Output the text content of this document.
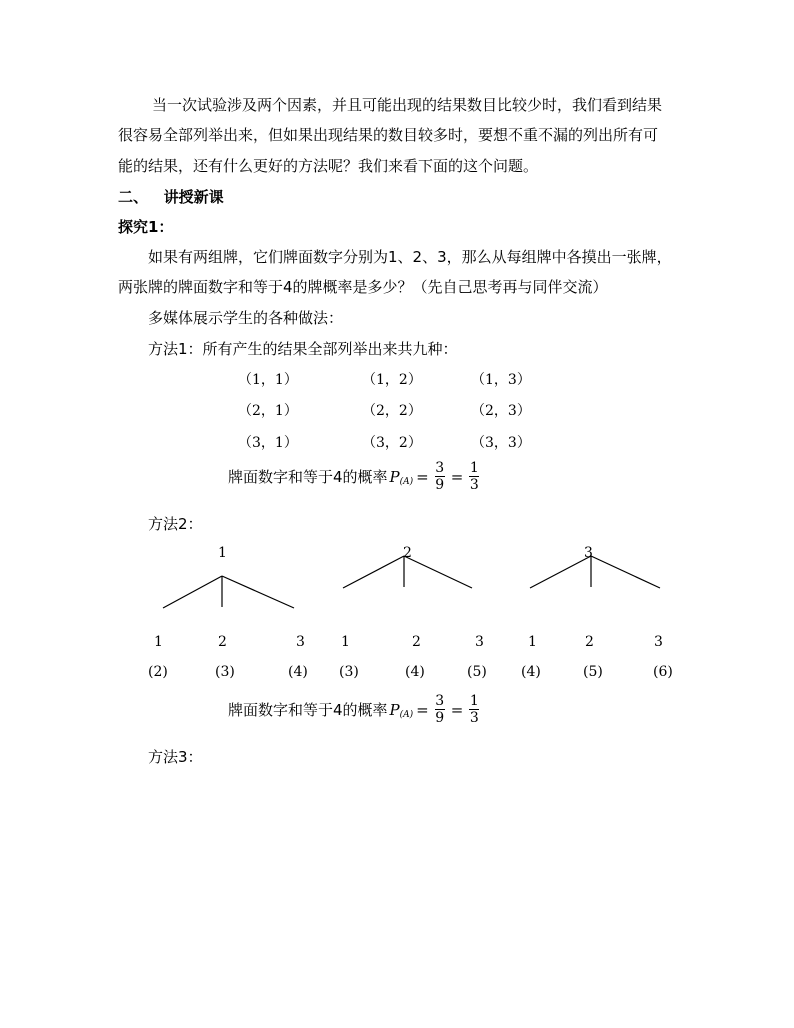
当一次试验涉及两个因素，并且可能出现的结果数目比较少时，我们看到结果
很容易全部列举出来，但如果出现结果的数目较多时，要想不重不漏的列出所有可
能的结果，还有什么更好的方法呢？我们来看下面的这个问题。
二、   讲授新课
探究1：
如果有两组牌，它们牌面数字分别为1、2、3，那么从每组牌中各摸出一张牌，
两张牌的牌面数字和等于4的牌概率是多少？（先自己思考再与同伴交流）
多媒体展示学生的各种做法：
方法1：所有产生的结果全部列举出来共九种：
（1，1）	（1，2）	（1，3）
（2，1）	（2，2）	（2，3）
（3，1）	（3，2）	（3，3）
牌面数字和等于4的概率 P $(A) = \frac{3}{9} = \frac{1}{3}$
方法2：
1	2	3
1	2	3	1	2	3	1	2	3
(2)	(3)	(4) (3)	(4)	(5) (4)	(5)	(6)
牌面数字和等于4的概率 P $(A) = \frac{3}{9} = \frac{1}{3}$
方法3：
